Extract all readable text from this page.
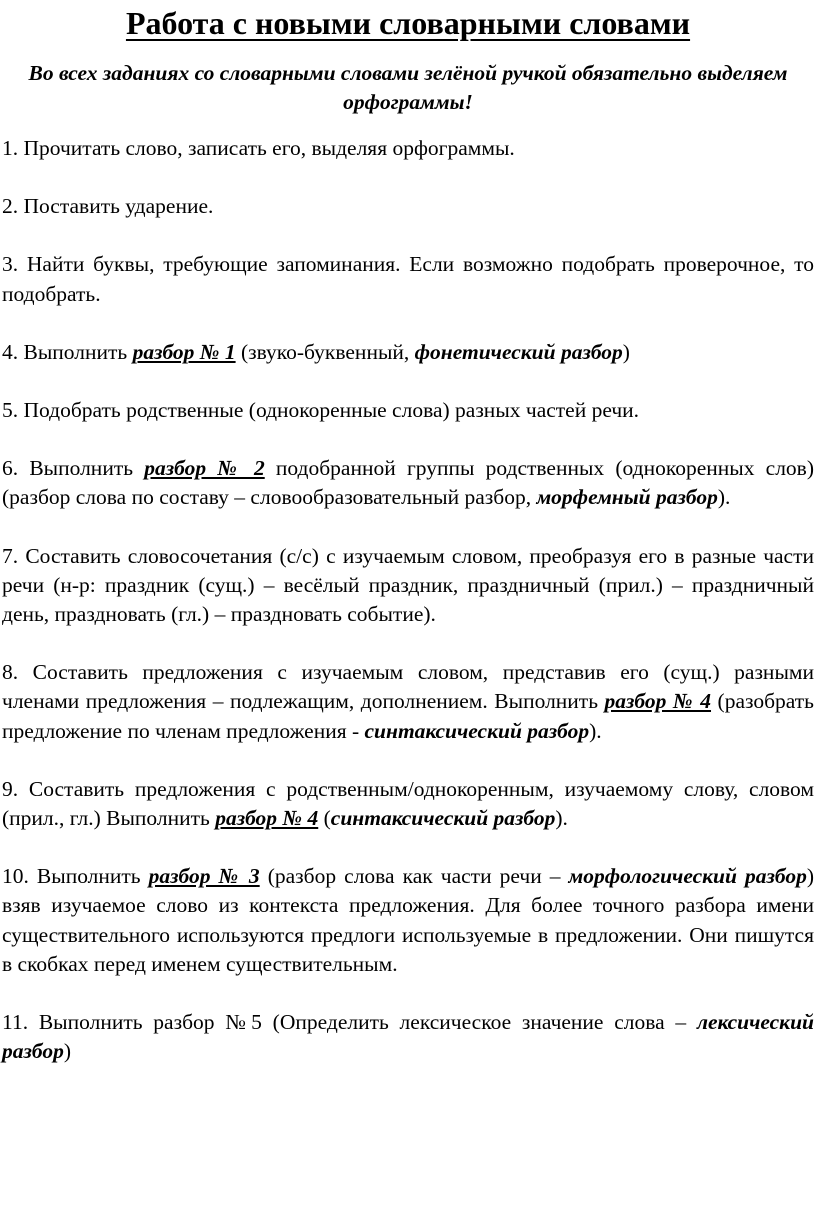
Работа с новыми словарными словами

Во всех заданиях со словарными словами зелёной ручкой обязательно выделяем орфограммы!

1. Прочитать слово, записать его, выделяя орфограммы.

2. Поставить ударение.

3. Найти буквы, требующие запоминания. Если возможно подобрать проверочное, то подобрать.

4. Выполнить разбор № 1 (звуко-буквенный, фонетический разбор)

5. Подобрать родственные (однокоренные слова) разных частей речи.

6. Выполнить разбор № 2 подобранной группы родственных (однокоренных слов) (разбор слова по составу – словообразовательный разбор, морфемный разбор).

7. Составить словосочетания (с/с) с изучаемым словом, преобразуя его в разные части речи (н-р: праздник (сущ.) – весёлый праздник, праздничный (прил.) – праздничный день, праздновать (гл.) – праздновать событие).

8. Составить предложения с изучаемым словом, представив его (сущ.) разными членами предложения – подлежащим, дополнением. Выполнить разбор № 4 (разобрать предложение по членам предложения - синтаксический разбор).

9. Составить предложения с родственным/однокоренным, изучаемому слову, словом (прил., гл.) Выполнить разбор № 4 (синтаксический разбор).

10. Выполнить разбор № 3 (разбор слова как части речи – морфологический разбор) взяв изучаемое слово из контекста предложения. Для более точного разбора имени существительного используются предлоги используемые в предложении. Они пишутся в скобках перед именем существительным.

11. Выполнить разбор №5 (Определить лексическое значение слова – лексический разбор)
